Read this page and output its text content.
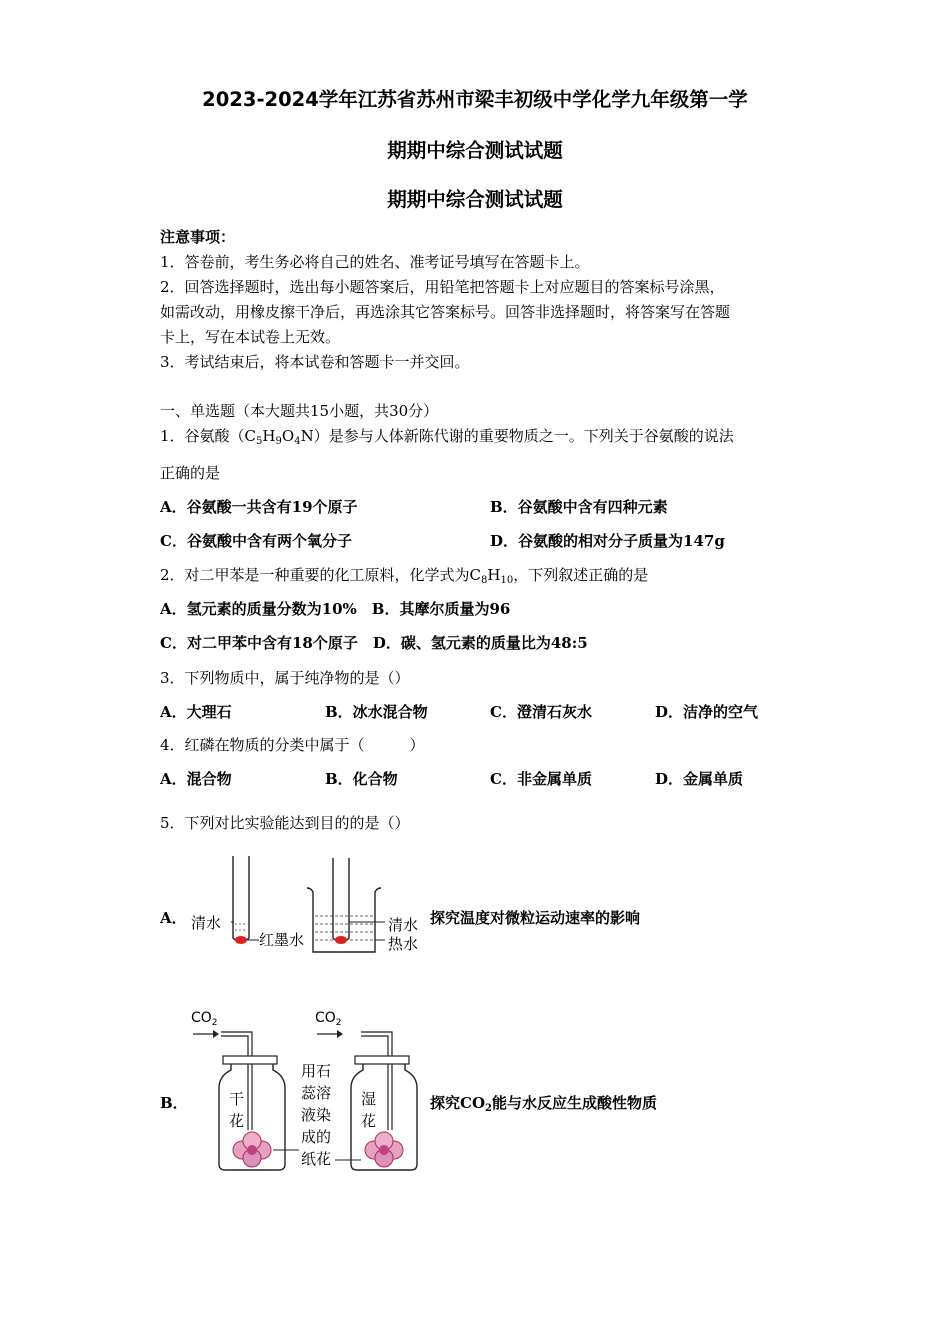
2023-2024学年江苏省苏州市梁丰初级中学化学九年级第一学
期期中综合测试试题
期期中综合测试试题
注意事项：
1．答卷前，考生务必将自己的姓名、准考证号填写在答题卡上。
2．回答选择题时，选出每小题答案后，用铅笔把答题卡上对应题目的答案标号涂黑，
如需改动，用橡皮擦干净后，再选涂其它答案标号。回答非选择题时，将答案写在答题
卡上，写在本试卷上无效。
3．考试结束后，将本试卷和答题卡一并交回。
一、单选题（本大题共15小题，共30分）
1．谷氨酸$(C_5H_9O_4N)$是参与人体新陈代谢的重要物质之一。下列关于谷氨酸的说法
正确的是
A．谷氨酸一共含有19个原子	B．谷氨酸中含有四种元素
C．谷氨酸中含有两个氧分子	D．谷氨酸的相对分子质量为147g
2．对二甲苯是一种重要的化工原料，化学式为$C_8H_{10}$，下列叙述正确的是
A．氢元素的质量分数为10%　B．其摩尔质量为96
C．对二甲苯中含有18个原子　D．碳、氢元素的质量比为48:5
3．下列物质中，属于纯净物的是（）
A．大理石	B．冰水混合物	C．澄清石灰水	D．洁净的空气
4．红磷在物质的分类中属于（　　　）
A．混合物	B．化合物	C．非金属单质	D．金属单质
5．下列对比实验能达到目的的是（）
A． 清水
红墨水
清水
热水
探究温度对微粒运动速率的影响
B．
$CO_2$
干
花
用石
蕊溶
液染
成的
纸花
$CO_2$
湿
花
探究$CO_2$能与水反应生成酸性物质
